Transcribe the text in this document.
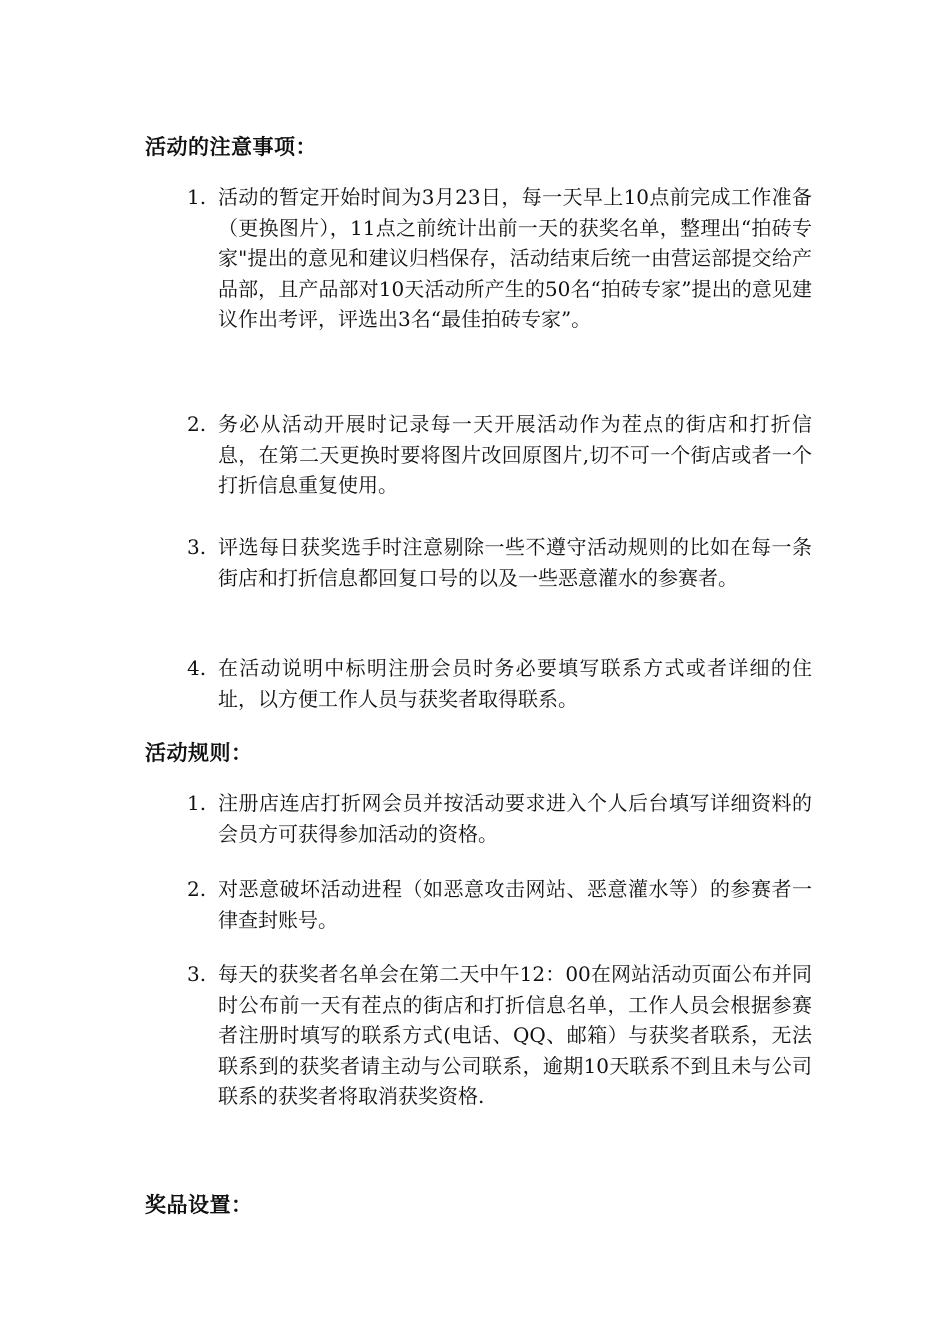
活动的注意事项：
1. 活动的暂定开始时间为3月23日，每一天早上10点前完成工作准备（更换图片），11点之前统计出前一天的获奖名单，整理出“拍砖专家"提出的意见和建议归档保存，活动结束后统一由营运部提交给产品部，且产品部对10天活动所产生的50名“拍砖专家”提出的意见建议作出考评，评选出3名“最佳拍砖专家”。
2. 务必从活动开展时记录每一天开展活动作为茬点的街店和打折信息，在第二天更换时要将图片改回原图片,切不可一个街店或者一个打折信息重复使用。
3. 评选每日获奖选手时注意剔除一些不遵守活动规则的比如在每一条街店和打折信息都回复口号的以及一些恶意灌水的参赛者。
4. 在活动说明中标明注册会员时务必要填写联系方式或者详细的住址，以方便工作人员与获奖者取得联系。
活动规则：
1. 注册店连店打折网会员并按活动要求进入个人后台填写详细资料的会员方可获得参加活动的资格。
2. 对恶意破坏活动进程（如恶意攻击网站、恶意灌水等）的参赛者一律查封账号。
3. 每天的获奖者名单会在第二天中午12：00在网站活动页面公布并同时公布前一天有茬点的街店和打折信息名单，工作人员会根据参赛者注册时填写的联系方式(电话、QQ、邮箱）与获奖者联系，无法联系到的获奖者请主动与公司联系，逾期10天联系不到且未与公司联系的获奖者将取消获奖资格.
奖品设置：
